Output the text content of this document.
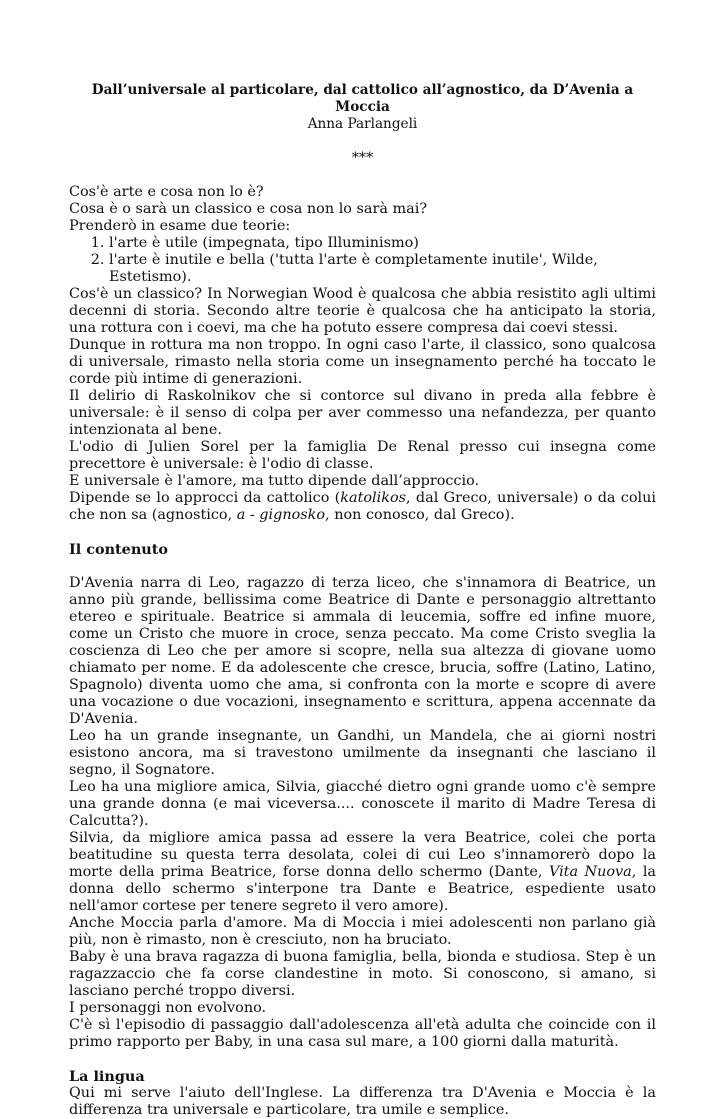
Dall’universale al particolare, dal cattolico all’agnostico, da D’Avenia a Moccia

Anna Parlangeli

***

Cos'è arte e cosa non lo è?

Cosa è o sarà un classico e cosa non lo sarà mai?

Prenderò in esame due teorie:

1. l'arte è utile (impegnata, tipo Illuminismo)
2. l'arte è inutile e bella ('tutta l'arte è completamente inutile', Wilde, Estetismo).

Cos'è un classico? In Norwegian Wood è qualcosa che abbia resistito agli ultimi decenni di storia. Secondo altre teorie è qualcosa che ha anticipato la storia, una rottura con i coevi, ma che ha potuto essere compresa dai coevi stessi.

Dunque in rottura ma non troppo. In ogni caso l'arte, il classico, sono qualcosa di universale, rimasto nella storia come un insegnamento perché ha toccato le corde più intime di generazioni.

Il delirio di Raskolnikov che si contorce sul divano in preda alla febbre è universale: è il senso di colpa per aver commesso una nefandezza, per quanto intenzionata al bene.

L'odio di Julien Sorel per la famiglia De Renal presso cui insegna come precettore è universale: è l'odio di classe.

E universale è l'amore, ma tutto dipende dall’approccio.

Dipende se lo approcci da cattolico (katolikos, dal Greco, universale) o da colui che non sa (agnostico, a - gignosko, non conosco, dal Greco).

Il contenuto

D'Avenia narra di Leo, ragazzo di terza liceo, che s'innamora di Beatrice, un anno più grande, bellissima come Beatrice di Dante e personaggio altrettanto etereo e spirituale. Beatrice si ammala di leucemia, soffre ed infine muore, come un Cristo che muore in croce, senza peccato. Ma come Cristo sveglia la coscienza di Leo che per amore si scopre, nella sua altezza di giovane uomo chiamato per nome. E da adolescente che cresce, brucia, soffre (Latino, Latino, Spagnolo) diventa uomo che ama, si confronta con la morte e scopre di avere una vocazione o due vocazioni, insegnamento e scrittura, appena accennate da D'Avenia.

Leo ha un grande insegnante, un Gandhi, un Mandela, che ai giorni nostri esistono ancora, ma si travestono umilmente da insegnanti che lasciano il segno, il Sognatore.

Leo ha una migliore amica, Silvia, giacché dietro ogni grande uomo c'è sempre una grande donna (e mai viceversa.... conoscete il marito di Madre Teresa di Calcutta?).

Silvia, da migliore amica passa ad essere la vera Beatrice, colei che porta beatitudine su questa terra desolata, colei di cui Leo s'innamorerò dopo la morte della prima Beatrice, forse donna dello schermo (Dante, Vita Nuova, la donna dello schermo s'interpone tra Dante e Beatrice, espediente usato nell'amor cortese per tenere segreto il vero amore).

Anche Moccia parla d'amore. Ma di Moccia i miei adolescenti non parlano già più, non è rimasto, non è cresciuto, non ha bruciato.

Baby è una brava ragazza di buona famiglia, bella, bionda e studiosa. Step è un ragazzaccio che fa corse clandestine in moto. Si conoscono, si amano, si lasciano perché troppo diversi.

I personaggi non evolvono.

C'è sì l'episodio di passaggio dall'adolescenza all'età adulta che coincide con il primo rapporto per Baby, in una casa sul mare, a 100 giorni dalla maturità.

La lingua

Qui mi serve l'aiuto dell'Inglese. La differenza tra D'Avenia e Moccia è la differenza tra universale e particolare, tra umile e semplice.
